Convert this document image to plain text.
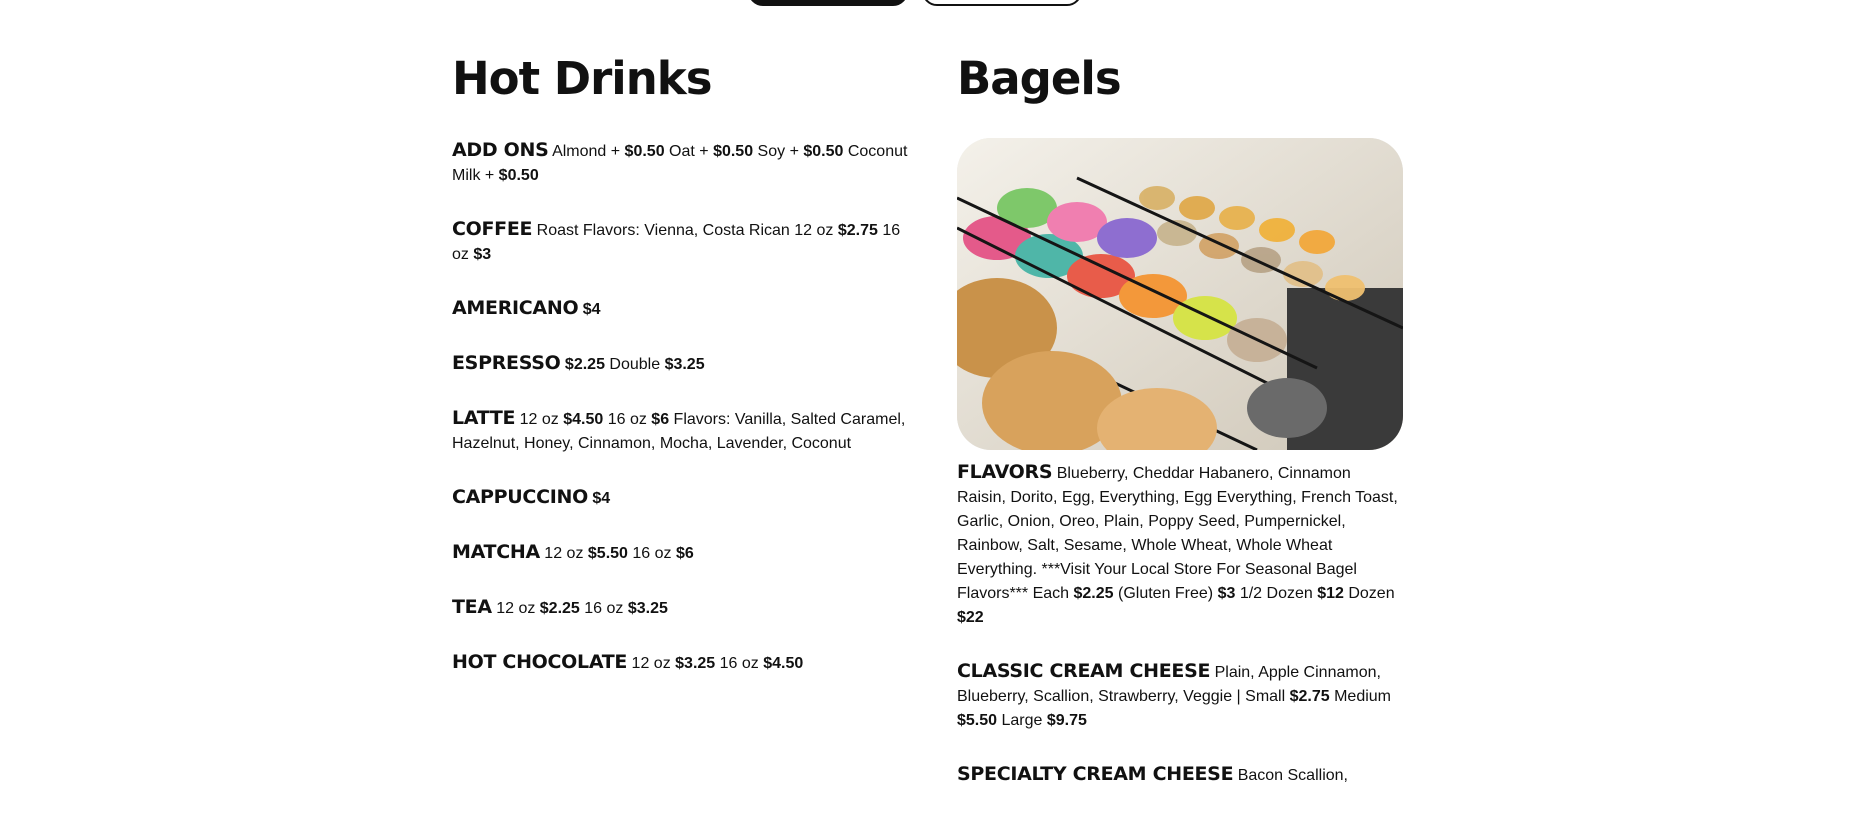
Hot Drinks
ADD ONS Almond + $0.50 Oat + $0.50 Soy + $0.50 Coconut Milk + $0.50
COFFEE Roast Flavors: Vienna, Costa Rican 12 oz $2.75 16 oz $3
AMERICANO $4
ESPRESSO $2.25 Double $3.25
LATTE 12 oz $4.50 16 oz $6 Flavors: Vanilla, Salted Caramel, Hazelnut, Honey, Cinnamon, Mocha, Lavender, Coconut
CAPPUCCINO $4
MATCHA 12 oz $5.50 16 oz $6
TEA 12 oz $2.25 16 oz $3.25
HOT CHOCOLATE 12 oz $3.25 16 oz $4.50
Bagels
FLAVORS Blueberry, Cheddar Habanero, Cinnamon Raisin, Dorito, Egg, Everything, Egg Everything, French Toast, Garlic, Onion, Oreo, Plain, Poppy Seed, Pumpernickel, Rainbow, Salt, Sesame, Whole Wheat, Whole Wheat Everything. ***Visit Your Local Store For Seasonal Bagel Flavors*** Each $2.25 (Gluten Free) $3 1/2 Dozen $12 Dozen $22
CLASSIC CREAM CHEESE Plain, Apple Cinnamon, Blueberry, Scallion, Strawberry, Veggie | Small $2.75 Medium $5.50 Large $9.75
SPECIALTY CREAM CHEESE Bacon Scallion,
